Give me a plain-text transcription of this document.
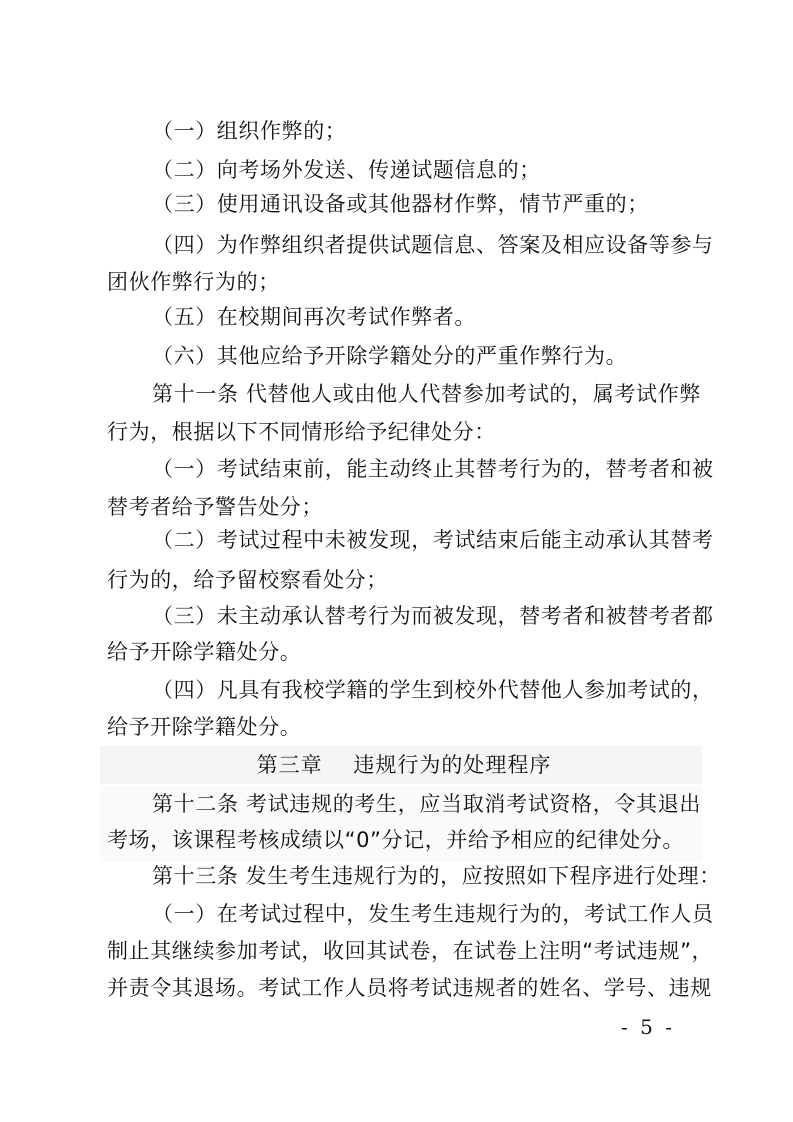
（一）组织作弊的；
（二）向考场外发送、传递试题信息的；
（三）使用通讯设备或其他器材作弊，情节严重的；
（四）为作弊组织者提供试题信息、答案及相应设备等参与
团伙作弊行为的；
（五）在校期间再次考试作弊者。
（六）其他应给予开除学籍处分的严重作弊行为。
第十一条 代替他人或由他人代替参加考试的，属考试作弊
行为，根据以下不同情形给予纪律处分：
（一）考试结束前，能主动终止其替考行为的，替考者和被
替考者给予警告处分；
（二）考试过程中未被发现，考试结束后能主动承认其替考
行为的，给予留校察看处分；
（三）未主动承认替考行为而被发现，替考者和被替考者都
给予开除学籍处分。
（四）凡具有我校学籍的学生到校外代替他人参加考试的，
给予开除学籍处分。
第三章    违规行为的处理程序
第十二条 考试违规的考生，应当取消考试资格，令其退出
考场，该课程考核成绩以“0”分记，并给予相应的纪律处分。
第十三条 发生考生违规行为的，应按照如下程序进行处理：
（一）在考试过程中，发生考生违规行为的，考试工作人员
制止其继续参加考试，收回其试卷，在试卷上注明“考试违规”，
并责令其退场。考试工作人员将考试违规者的姓名、学号、违规
- 5 -
